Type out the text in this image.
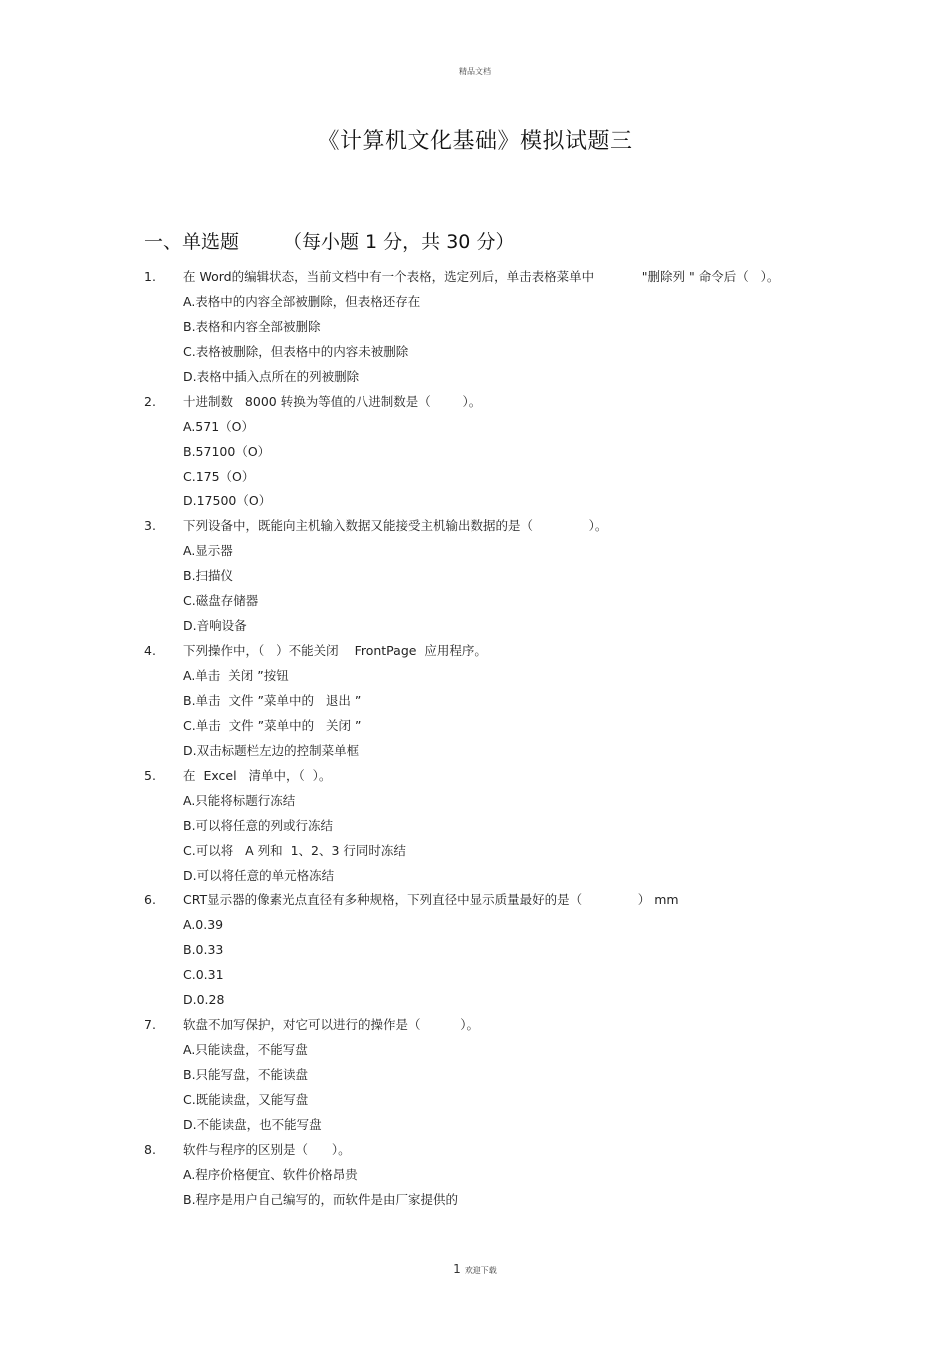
精品文档
《计算机文化基础》模拟试题三
一、单选题 （每小题 1 分，共 30 分）
1. 在 Word的编辑状态，当前文档中有一个表格，选定列后，单击表格菜单中            "删除列 " 命令后（   ）。
A.表格中的内容全部被删除，但表格还存在
B.表格和内容全部被删除
C.表格被删除，但表格中的内容未被删除
D.表格中插入点所在的列被删除
2. 十进制数   8000 转换为等值的八进制数是（        ）。
A.571（O）
B.57100（O）
C.175（O）
D.17500（O）
3. 下列设备中，既能向主机输入数据又能接受主机输出数据的是（              ）。
A.显示器
B.扫描仪
C.磁盘存储器
D.音响设备
4. 下列操作中，（   ）不能关闭    FrontPage  应用程序。
A.单击  关闭 ”按钮
B.单击  文件 ”菜单中的   退出 ”
C.单击  文件 ”菜单中的   关闭 ”
D.双击标题栏左边的控制菜单框
5. 在  Excel   清单中，（  ）。
A.只能将标题行冻结
B.可以将任意的列或行冻结
C.可以将   A 列和  1、2、3 行同时冻结
D.可以将任意的单元格冻结
6. CRT显示器的像素光点直径有多种规格，下列直径中显示质量最好的是（              ） mm
A.0.39
B.0.33
C.0.31
D.0.28
7. 软盘不加写保护，对它可以进行的操作是（          ）。
A.只能读盘，不能写盘
B.只能写盘，不能读盘
C.既能读盘，又能写盘
D.不能读盘，也不能写盘
8. 软件与程序的区别是（      ）。
A.程序价格便宜、软件价格昂贵
B.程序是用户自己编写的，而软件是由厂家提供的
1 欢迎下载
